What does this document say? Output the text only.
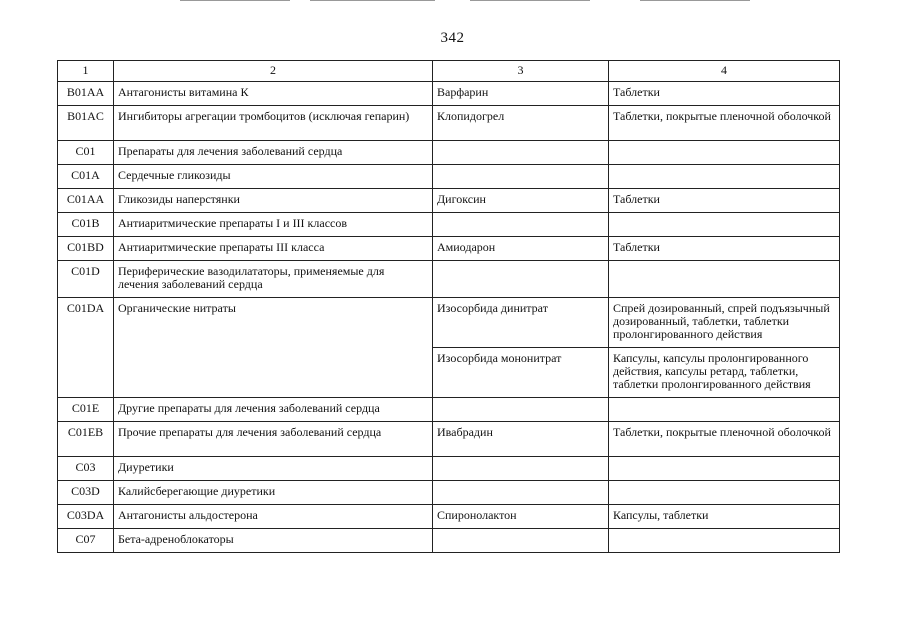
342
1	2	3	4
B01AA	Антагонисты витамина К	Варфарин	Таблетки
B01AC	Ингибиторы агрегации тромбоцитов (исключая гепарин)	Клопидогрел	Таблетки, покрытые пленочной оболочкой
C01	Препараты для лечения заболеваний сердца		
C01A	Сердечные гликозиды		
C01AA	Гликозиды наперстянки	Дигоксин	Таблетки
C01B	Антиаритмические препараты I и III классов		
C01BD	Антиаритмические препараты III класса	Амиодарон	Таблетки
C01D	Периферические вазодилататоры, применяемые для лечения заболеваний сердца		
C01DA	Органические нитраты	Изосорбида динитрат	Спрей дозированный, спрей подъязычный дозированный, таблетки, таблетки пролонгированного действия
		Изосорбида мононитрат	Капсулы, капсулы пролонгированного действия, капсулы ретард, таблетки, таблетки пролонгированного действия
C01E	Другие препараты для лечения заболеваний сердца		
C01EB	Прочие препараты для лечения заболеваний сердца	Ивабрадин	Таблетки, покрытые пленочной оболочкой
C03	Диуретики		
C03D	Калийсберегающие диуретики		
C03DA	Антагонисты альдостерона	Спиронолактон	Капсулы, таблетки
C07	Бета-адреноблокаторы		
